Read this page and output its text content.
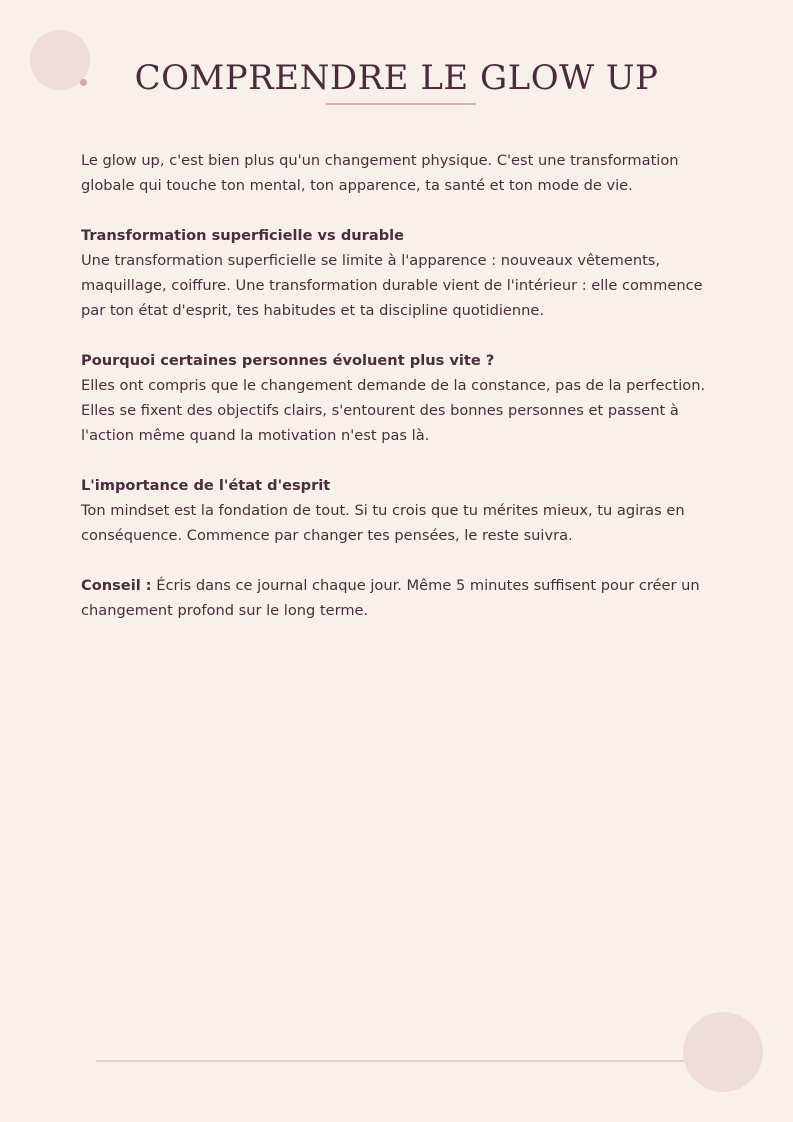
COMPRENDRE LE GLOW UP

Le glow up, c'est bien plus qu'un changement physique. C'est une transformation globale qui touche ton mental, ton apparence, ta santé et ton mode de vie.

Transformation superficielle vs durable
Une transformation superficielle se limite à l'apparence : nouveaux vêtements, maquillage, coiffure. Une transformation durable vient de l'intérieur : elle commence par ton état d'esprit, tes habitudes et ta discipline quotidienne.

Pourquoi certaines personnes évoluent plus vite ?
Elles ont compris que le changement demande de la constance, pas de la perfection. Elles se fixent des objectifs clairs, s'entourent des bonnes personnes et passent à l'action même quand la motivation n'est pas là.

L'importance de l'état d'esprit
Ton mindset est la fondation de tout. Si tu crois que tu mérites mieux, tu agiras en conséquence. Commence par changer tes pensées, le reste suivra.

Conseil : Écris dans ce journal chaque jour. Même 5 minutes suffisent pour créer un changement profond sur le long terme.
